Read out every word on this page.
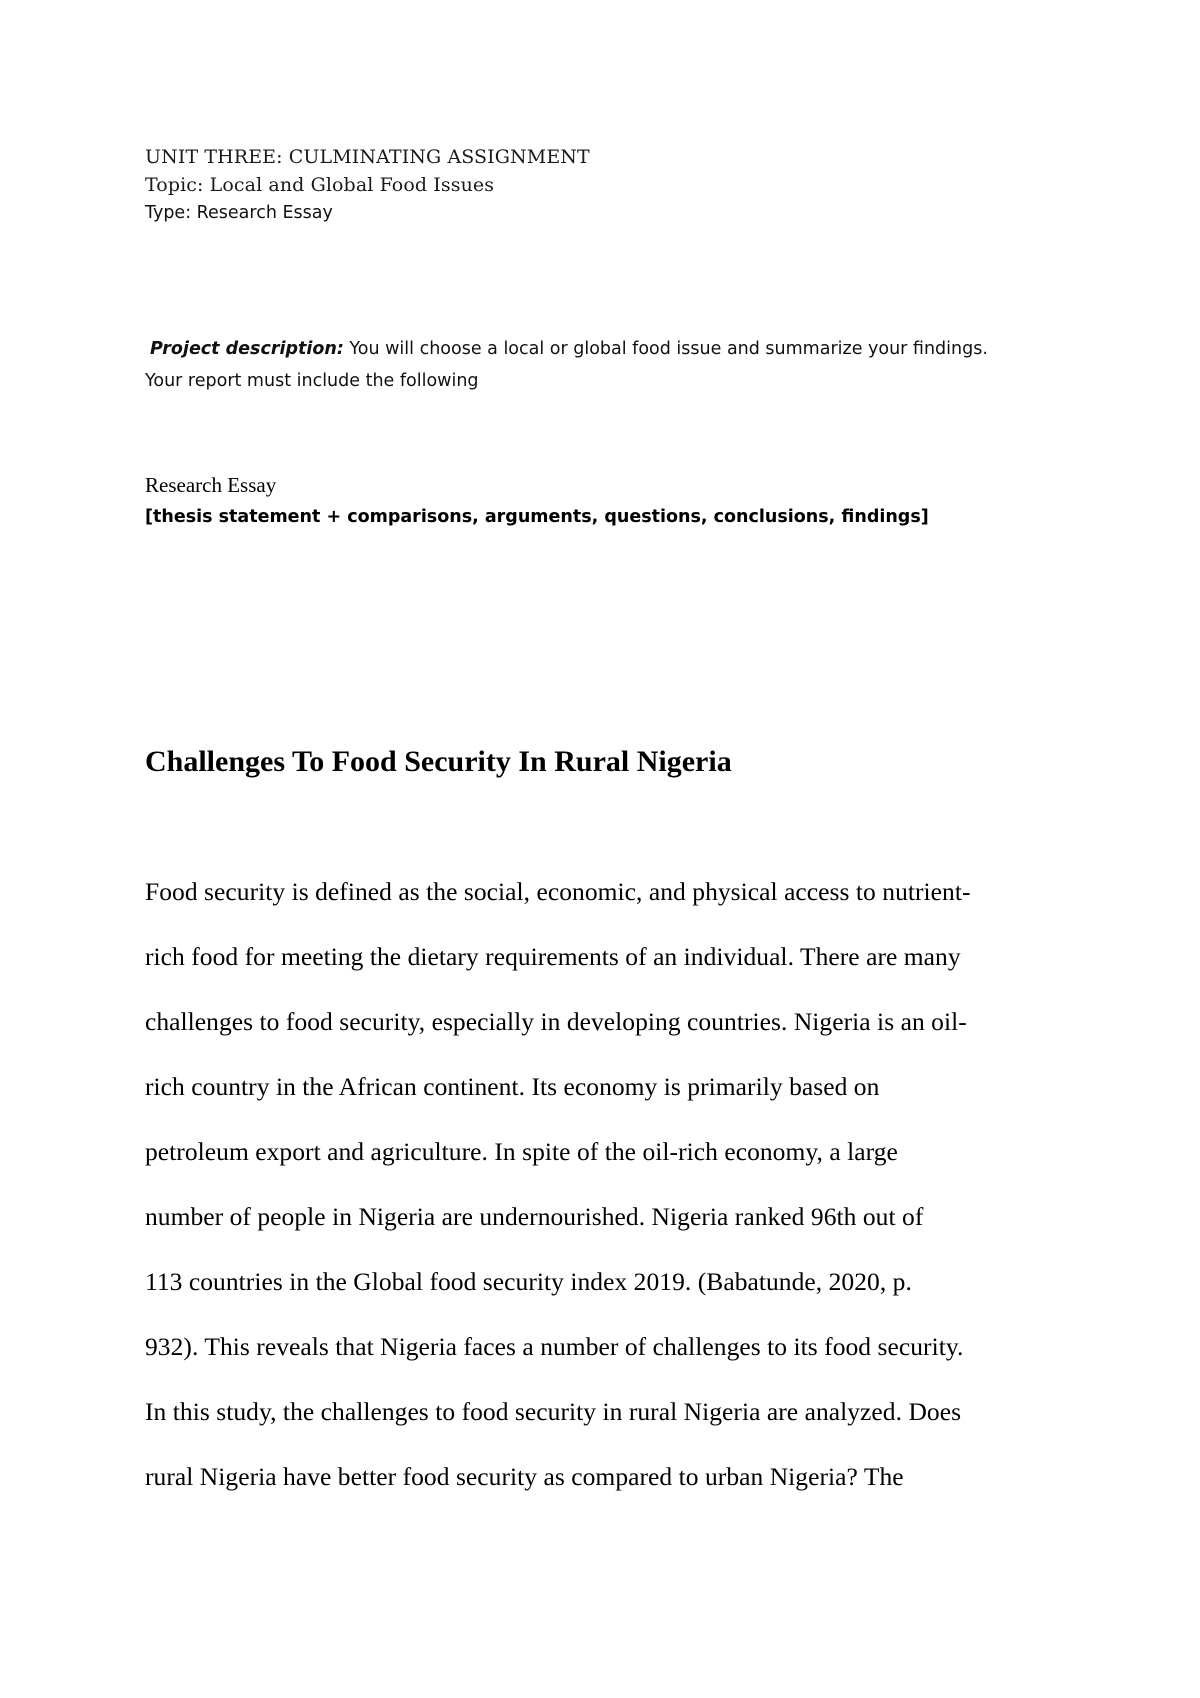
UNIT THREE: CULMINATING ASSIGNMENT
Topic: Local and Global Food Issues
Type: Research Essay
Project description: You will choose a local or global food issue and summarize your findings.
Your report must include the following
Research Essay
[thesis statement + comparisons, arguments, questions, conclusions, findings]
Challenges To Food Security In Rural Nigeria
Food security is defined as the social, economic, and physical access to nutrient-
rich food for meeting the dietary requirements of an individual. There are many
challenges to food security, especially in developing countries. Nigeria is an oil-
rich country in the African continent. Its economy is primarily based on
petroleum export and agriculture. In spite of the oil-rich economy, a large
number of people in Nigeria are undernourished. Nigeria ranked 96th out of
113 countries in the Global food security index 2019. (Babatunde, 2020, p.
932). This reveals that Nigeria faces a number of challenges to its food security.
In this study, the challenges to food security in rural Nigeria are analyzed. Does
rural Nigeria have better food security as compared to urban Nigeria? The
